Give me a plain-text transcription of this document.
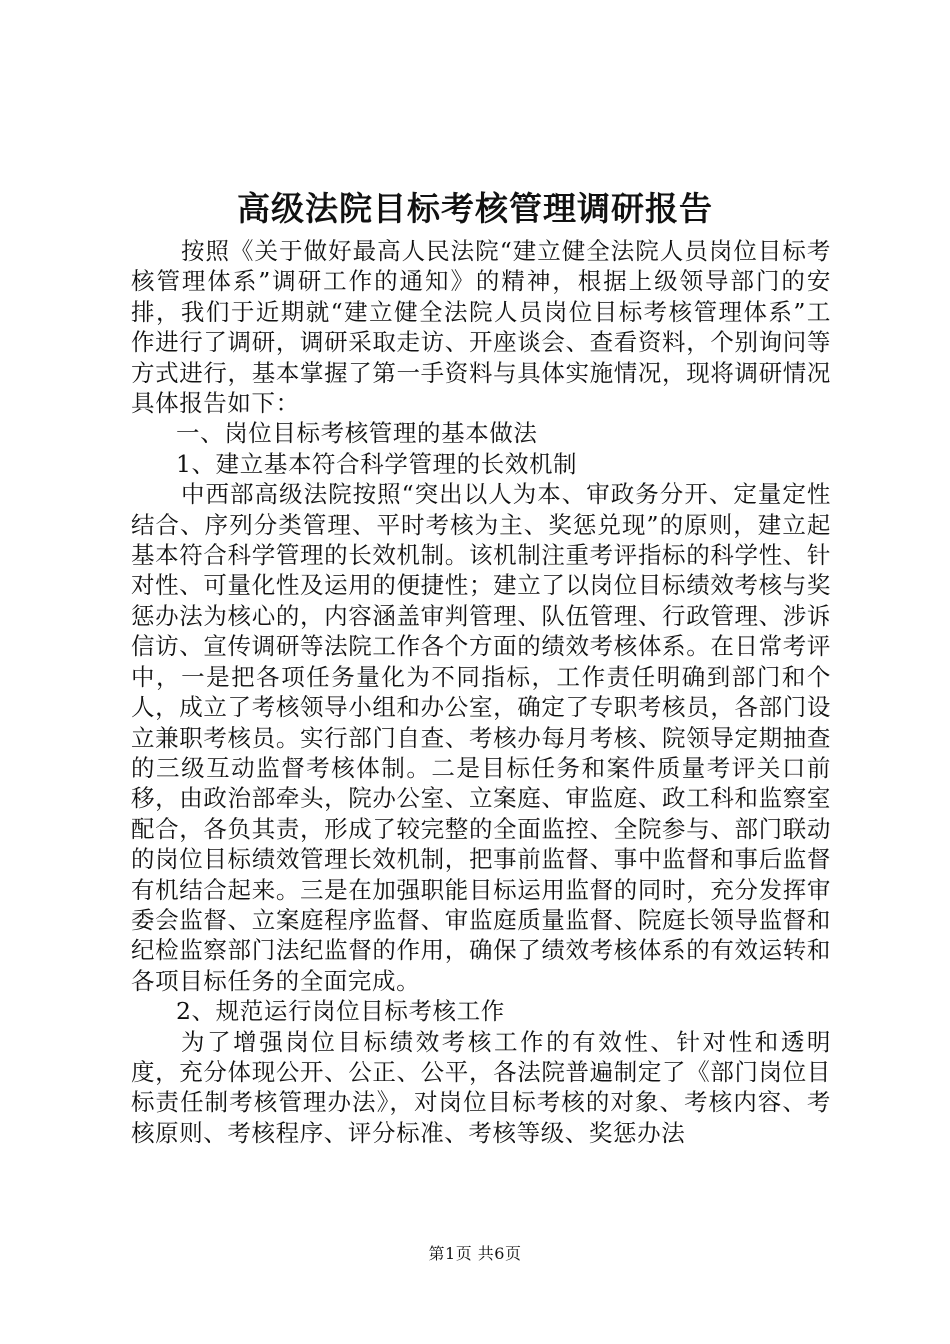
高级法院目标考核管理调研报告

按照《关于做好最高人民法院“建立健全法院人员岗位目标考核管理体系”调研工作的通知》的精神，根据上级领导部门的安排，我们于近期就“建立健全法院人员岗位目标考核管理体系”工作进行了调研，调研采取走访、开座谈会、查看资料，个别询问等方式进行，基本掌握了第一手资料与具体实施情况，现将调研情况具体报告如下：

一、岗位目标考核管理的基本做法

1、建立基本符合科学管理的长效机制

中西部高级法院按照“突出以人为本、审政务分开、定量定性结合、序列分类管理、平时考核为主、奖惩兑现”的原则，建立起基本符合科学管理的长效机制。该机制注重考评指标的科学性、针对性、可量化性及运用的便捷性；建立了以岗位目标绩效考核与奖惩办法为核心的，内容涵盖审判管理、队伍管理、行政管理、涉诉信访、宣传调研等法院工作各个方面的绩效考核体系。在日常考评中，一是把各项任务量化为不同指标，工作责任明确到部门和个人，成立了考核领导小组和办公室，确定了专职考核员，各部门设立兼职考核员。实行部门自查、考核办每月考核、院领导定期抽查的三级互动监督考核体制。二是目标任务和案件质量考评关口前移，由政治部牵头，院办公室、立案庭、审监庭、政工科和监察室配合，各负其责，形成了较完整的全面监控、全院参与、部门联动的岗位目标绩效管理长效机制，把事前监督、事中监督和事后监督有机结合起来。三是在加强职能目标运用监督的同时，充分发挥审委会监督、立案庭程序监督、审监庭质量监督、院庭长领导监督和纪检监察部门法纪监督的作用，确保了绩效考核体系的有效运转和各项目标任务的全面完成。

2、规范运行岗位目标考核工作

为了增强岗位目标绩效考核工作的有效性、针对性和透明度，充分体现公开、公正、公平，各法院普遍制定了《部门岗位目标责任制考核管理办法》，对岗位目标考核的对象、考核内容、考核原则、考核程序、评分标准、考核等级、奖惩办法

第1页 共6页
